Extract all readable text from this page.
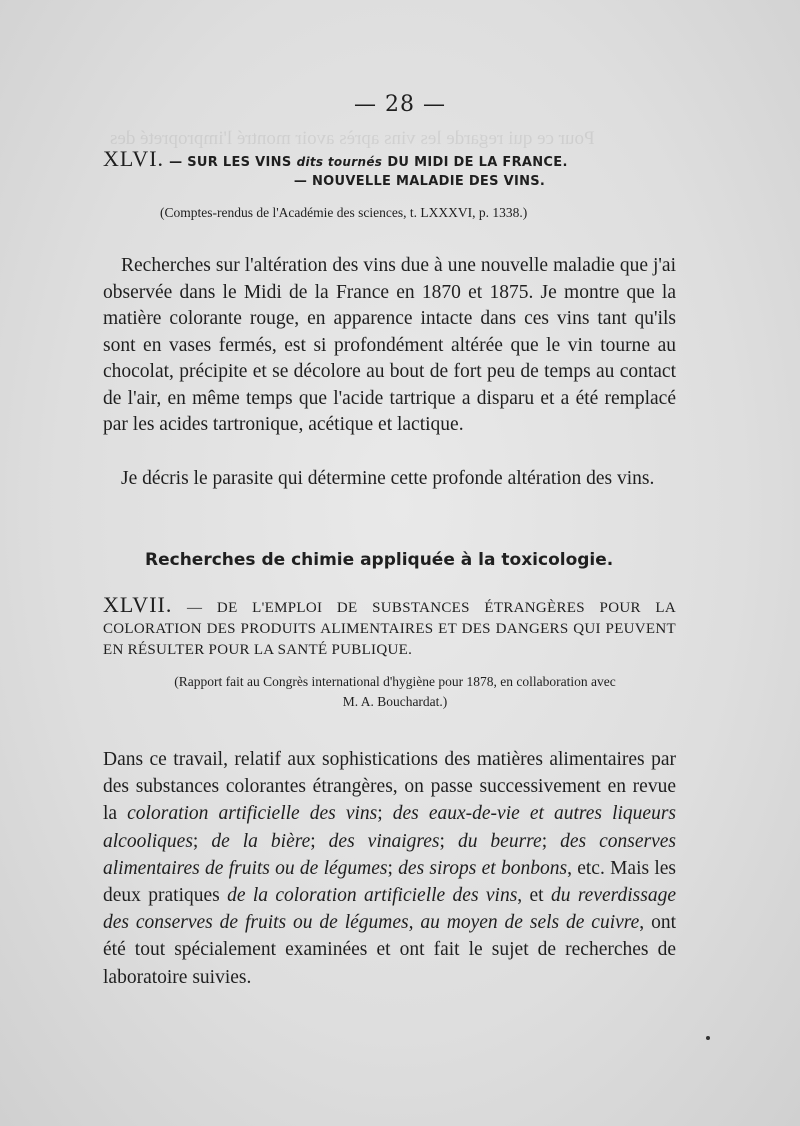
Pour ce qui regarde les vins après avoir montré l'impropreté des
— 28 —
XLVI. — SUR LES VINS dits tournés DU MIDI DE LA FRANCE.
— NOUVELLE MALADIE DES VINS.
(Comptes-rendus de l'Académie des sciences, t. LXXXVI, p. 1338.)
Recherches sur l'altération des vins due à une nouvelle maladie que j'ai observée dans le Midi de la France en 1870 et 1875. Je montre que la matière colorante rouge, en apparence intacte dans ces vins tant qu'ils sont en vases fermés, est si profondément altérée que le vin tourne au chocolat, précipite et se décolore au bout de fort peu de temps au contact de l'air, en même temps que l'acide tartrique a disparu et a été remplacé par les acides tartronique, acétique et lactique.
Je décris le parasite qui détermine cette profonde altération des vins.
Recherches de chimie appliquée à la toxicologie.
XLVII. — DE L'EMPLOI DE SUBSTANCES ÉTRANGÈRES POUR LA COLORATION DES PRODUITS ALIMENTAIRES ET DES DANGERS QUI PEUVENT EN RÉSULTER POUR LA SANTÉ PUBLIQUE.
(Rapport fait au Congrès international d'hygiène pour 1878, en collaboration avec
M. A. Bouchardat.)
Dans ce travail, relatif aux sophistications des matières alimentaires par des substances colorantes étrangères, on passe successivement en revue la coloration artificielle des vins; des eaux-de-vie et autres liqueurs alcooliques; de la bière; des vinaigres; du beurre; des conserves alimentaires de fruits ou de légumes; des sirops et bonbons, etc. Mais les deux pratiques de la coloration artificielle des vins, et du reverdissage des conserves de fruits ou de légumes, au moyen de sels de cuivre, ont été tout spécialement examinées et ont fait le sujet de recherches de laboratoire suivies.
